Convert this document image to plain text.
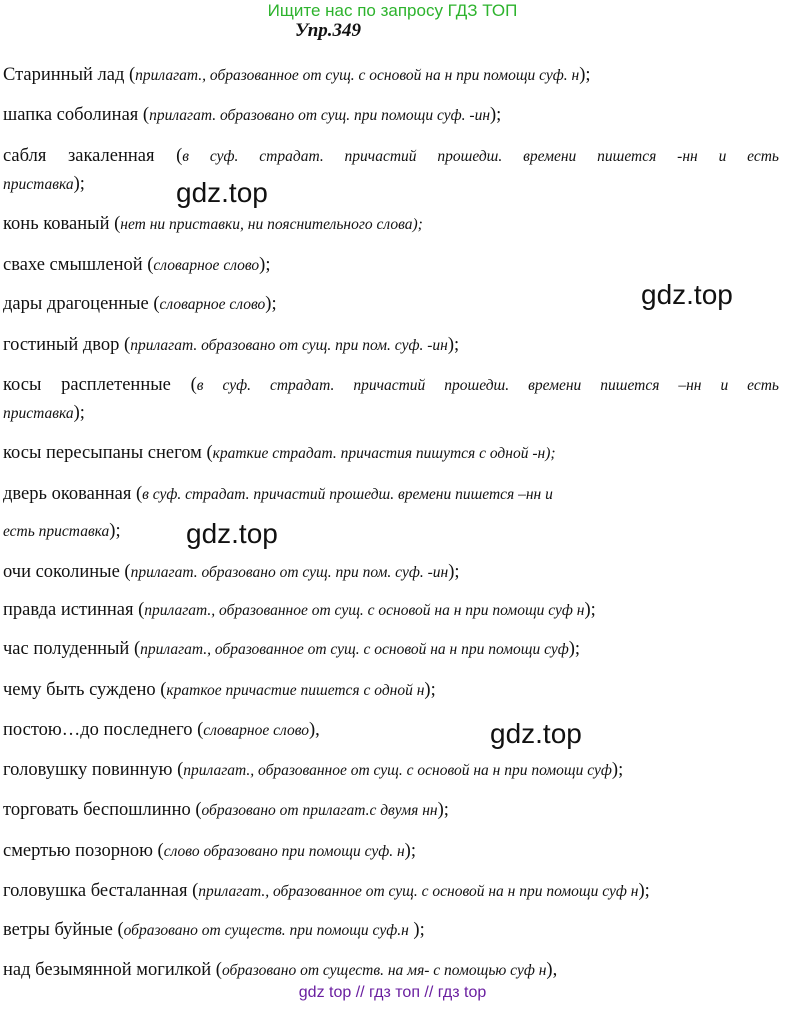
Ищите нас по запросу ГДЗ ТОП
Упр.349
Старинный лад (прилагат., образованное от сущ. с основой на н при помощи суф. н);
шапка соболиная (прилагат. образовано от сущ. при помощи суф. -ин);
сабля закаленная (в суф. страдат. причастий прошедш. времени пишется -нн и есть
приставка);
конь кованый (нет ни приставки, ни пояснительного слова);
свахе смышленой (словарное слово);
дары драгоценные (словарное слово);
гостиный двор (прилагат. образовано от сущ. при пом. суф. -ин);
косы расплетенные (в суф. страдат. причастий прошедш. времени пишется –нн и есть
приставка);
косы пересыпаны снегом (краткие страдат. причастия пишутся с одной -н);
дверь окованная (в суф. страдат. причастий прошедш. времени пишется –нн и
есть приставка);
очи соколиные (прилагат. образовано от сущ. при пом. суф. -ин);
правда истинная (прилагат., образованное от сущ. с основой на н при помощи суф н);
час полуденный (прилагат., образованное от сущ. с основой на н при помощи суф);
чему быть суждено (краткое причастие пишется с одной н);
постою…до последнего (словарное слово),
головушку повинную (прилагат., образованное от сущ. с основой на н при помощи суф);
торговать беспошлинно (образовано от прилагат.с двумя нн);
смертью позорною (слово образовано при помощи суф. н);
головушка бесталанная (прилагат., образованное от сущ. с основой на н при помощи суф н);
ветры буйные (образовано от существ. при помощи суф.н );
над безымянной могилкой (образовано от существ. на мя- с помощью суф н),
gdz.top
gdz.top
gdz.top
gdz.top
gdz top // гдз топ // гдз top
